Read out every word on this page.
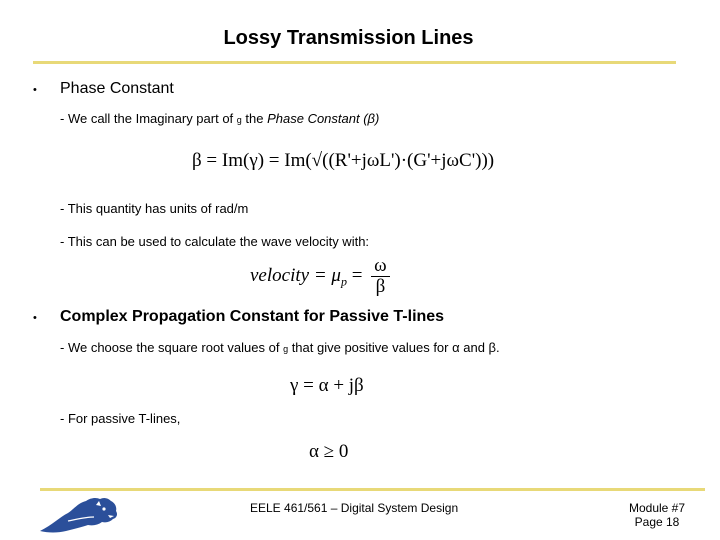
Lossy Transmission Lines
• Phase Constant
- We call the Imaginary part of g the Phase Constant (β)
β = Im(γ) = Im(√((R'+jωL')·(G'+jωC')))
- This quantity has units of rad/m
- This can be used to calculate the wave velocity with:
velocity = $\mu_p = \frac{\omega}{\beta}$
• Complex Propagation Constant for Passive T-lines
- We choose the square root values of g that give positive values for α and β.
γ = α + jβ
- For passive T-lines,
α ≥ 0
EELE 461/561 – Digital System Design	Module #7
Page 18
